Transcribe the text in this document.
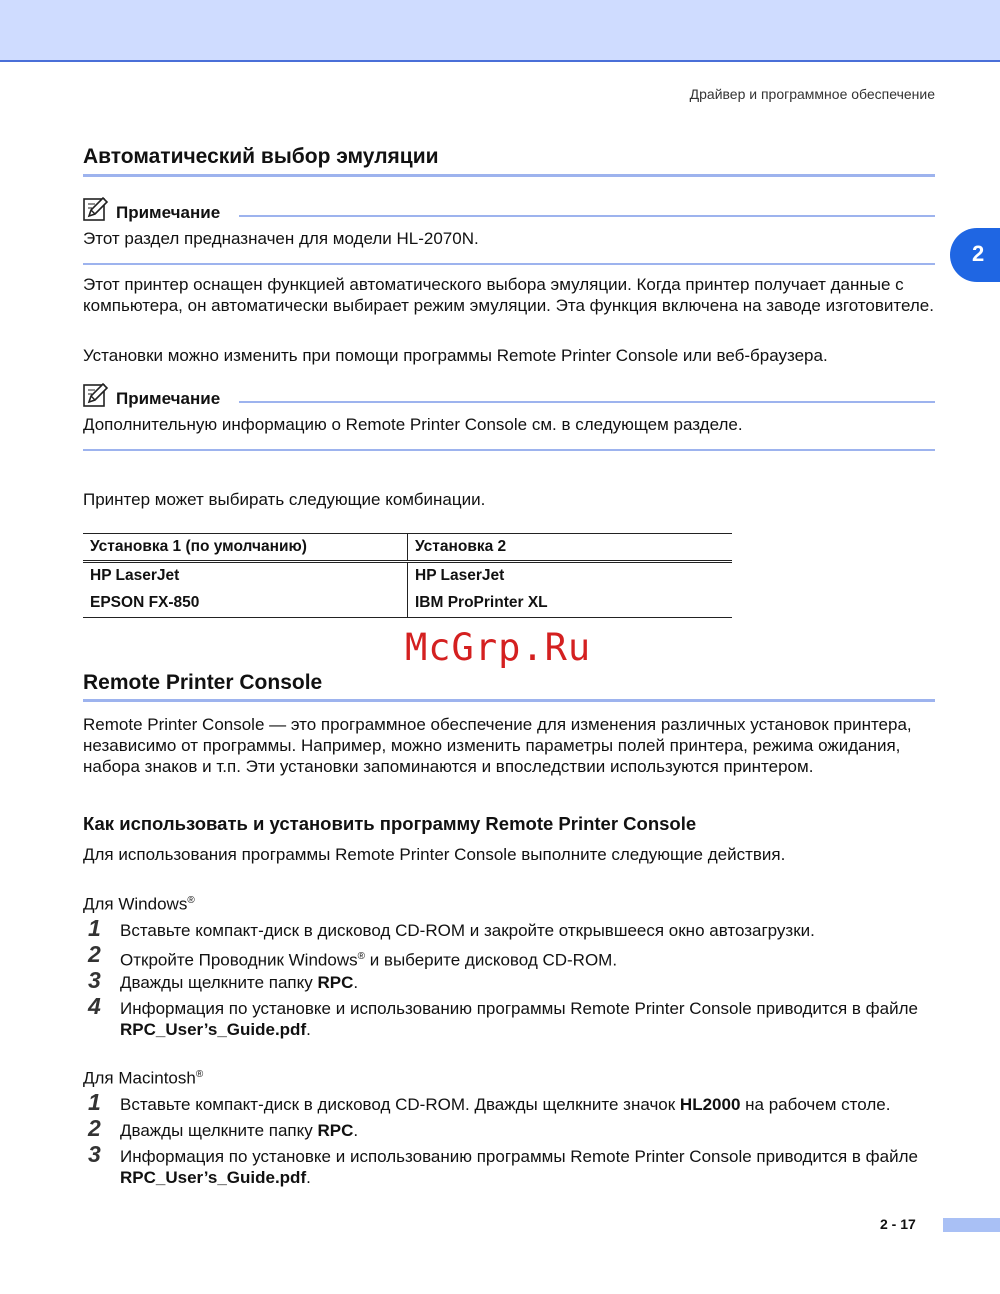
Драйвер и программное обеспечение
2
Автоматический выбор эмуляции
Примечание
Этот раздел предназначен для модели HL-2070N.
Этот принтер оснащен функцией автоматического выбора эмуляции. Когда принтер получает данные с компьютера, он автоматически выбирает режим эмуляции. Эта функция включена на заводе изготовителе.
Установки можно изменить при помощи программы Remote Printer Console или веб-браузера.
Примечание
Дополнительную информацию о Remote Printer Console см. в следующем разделе.
Принтер может выбирать следующие комбинации.
Установка 1 (по умолчанию)	Установка 2
HP LaserJet	HP LaserJet
EPSON FX-850	IBM ProPrinter XL
McGrp.Ru
Remote Printer Console
Remote Printer Console — это программное обеспечение для изменения различных установок принтера, независимо от программы. Например, можно изменить параметры полей принтера, режима ожидания, набора знаков и т.п. Эти установки запоминаются и впоследствии используются принтером.
Как использовать и установить программу Remote Printer Console
Для использования программы Remote Printer Console выполните следующие действия.
Для Windows®
1 Вставьте компакт-диск в дисковод CD-ROM и закройте открывшееся окно автозагрузки.
2 Откройте Проводник Windows® и выберите дисковод CD-ROM.
3 Дважды щелкните папку RPC.
4 Информация по установке и использованию программы Remote Printer Console приводится в файле RPC_User’s_Guide.pdf.
Для Macintosh®
1 Вставьте компакт-диск в дисковод CD-ROM. Дважды щелкните значок HL2000 на рабочем столе.
2 Дважды щелкните папку RPC.
3 Информация по установке и использованию программы Remote Printer Console приводится в файле RPC_User’s_Guide.pdf.
2 - 17
